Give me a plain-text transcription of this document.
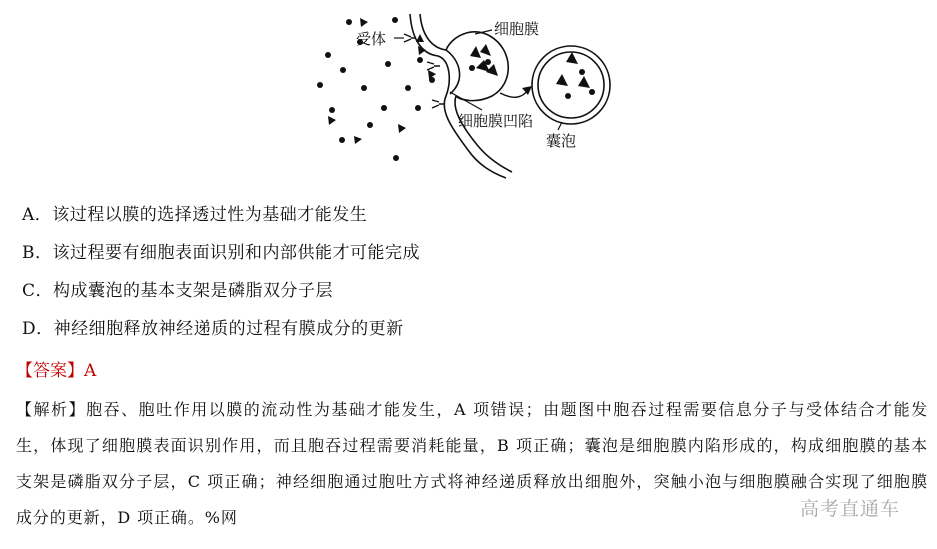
受体
细胞膜
细胞膜凹陷
囊泡
A．该过程以膜的选择透过性为基础才能发生
B．该过程要有细胞表面识别和内部供能才可能完成
C．构成囊泡的基本支架是磷脂双分子层
D．神经细胞释放神经递质的过程有膜成分的更新
【答案】A
【解析】胞吞、胞吐作用以膜的流动性为基础才能发生，A 项错误；由题图中胞吞过程需要信息分子与受体结合才能发生，体现了细胞膜表面识别作用，而且胞吞过程需要消耗能量，B 项正确；囊泡是细胞膜内陷形成的，构成细胞膜的基本支架是磷脂双分子层，C 项正确；神经细胞通过胞吐方式将神经递质释放出细胞外，突触小泡与细胞膜融合实现了细胞膜成分的更新，D 项正确。%网	高考直通车
